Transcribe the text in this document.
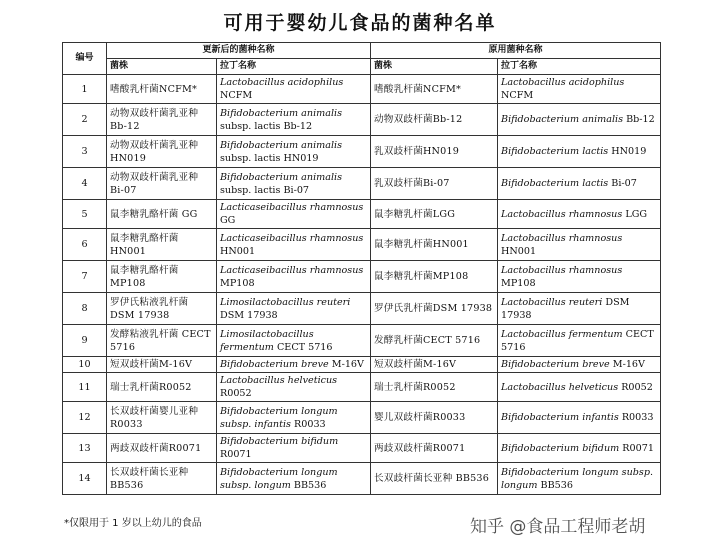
可用于婴幼儿食品的菌种名单
编号	更新后的菌种名称		原用菌种名称	
	菌株	拉丁名称	菌株	拉丁名称
1	嗜酸乳杆菌NCFM*	Lactobacillus acidophilus NCFM	嗜酸乳杆菌NCFM*	Lactobacillus acidophilus NCFM
2	动物双歧杆菌乳亚种 Bb-12	Bifidobacterium animalis subsp. lactis Bb-12	动物双歧杆菌Bb-12	Bifidobacterium animalis Bb-12
3	动物双歧杆菌乳亚种 HN019	Bifidobacterium animalis subsp. lactis HN019	乳双歧杆菌HN019	Bifidobacterium lactis HN019
4	动物双歧杆菌乳亚种 Bi-07	Bifidobacterium animalis subsp. lactis Bi-07	乳双歧杆菌Bi-07	Bifidobacterium lactis Bi-07
5	鼠李糖乳酪杆菌 GG	Lacticaseibacillus rhamnosus GG	鼠李糖乳杆菌LGG	Lactobacillus rhamnosus LGG
6	鼠李糖乳酪杆菌 HN001	Lacticaseibacillus rhamnosus HN001	鼠李糖乳杆菌HN001	Lactobacillus rhamnosus HN001
7	鼠李糖乳酪杆菌 MP108	Lacticaseibacillus rhamnosus MP108	鼠李糖乳杆菌MP108	Lactobacillus rhamnosus MP108
8	罗伊氏粘液乳杆菌 DSM 17938	Limosilactobacillus reuteri DSM 17938	罗伊氏乳杆菌DSM 17938	Lactobacillus reuteri DSM 17938
9	发酵粘液乳杆菌 CECT 5716	Limosilactobacillus fermentum CECT 5716	发酵乳杆菌CECT 5716	Lactobacillus fermentum CECT 5716
10	短双歧杆菌M-16V	Bifidobacterium breve M-16V	短双歧杆菌M-16V	Bifidobacterium breve M-16V
11	瑞士乳杆菌R0052	Lactobacillus helveticus R0052	瑞士乳杆菌R0052	Lactobacillus helveticus R0052
12	长双歧杆菌婴儿亚种 R0033	Bifidobacterium longum subsp. infantis R0033	婴儿双歧杆菌R0033	Bifidobacterium infantis R0033
13	两歧双歧杆菌R0071	Bifidobacterium bifidum R0071	两歧双歧杆菌R0071	Bifidobacterium bifidum R0071
14	长双歧杆菌长亚种 BB536	Bifidobacterium longum subsp. longum BB536	长双歧杆菌长亚种 BB536	Bifidobacterium longum subsp. longum BB536
*仅限用于 1 岁以上幼儿的食品	知乎 @食品工程师老胡
